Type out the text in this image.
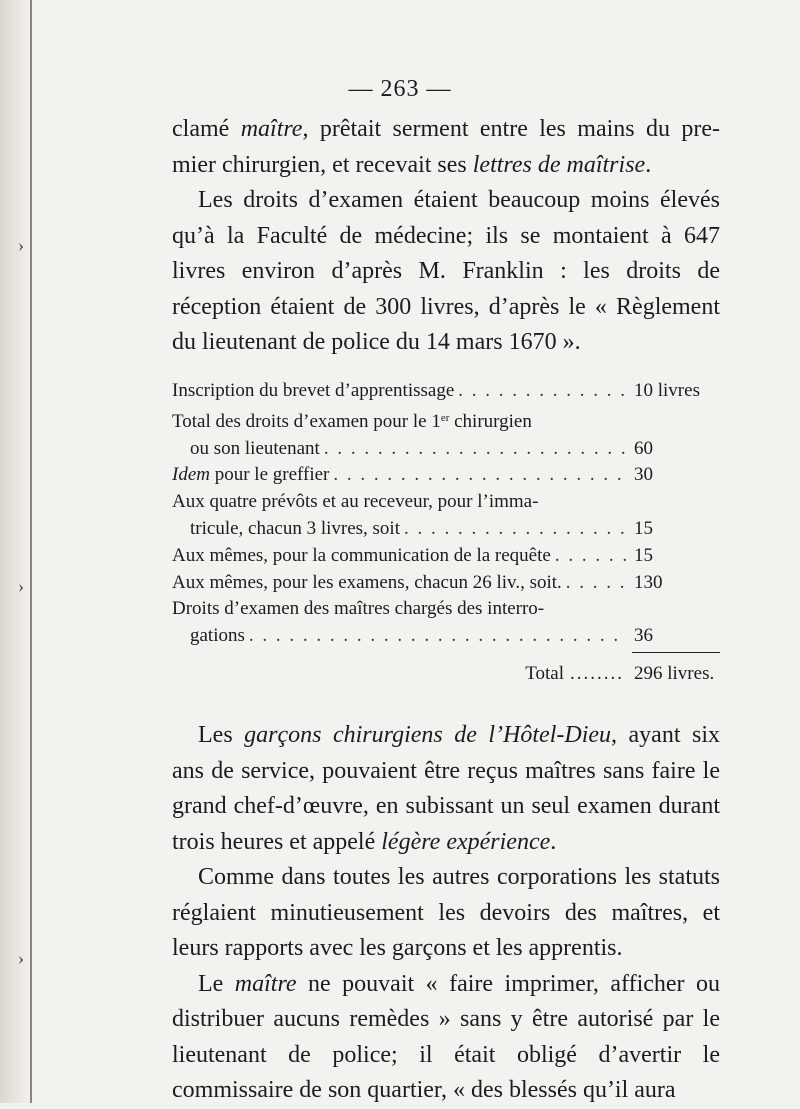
›
›
›
— 263 —

clamé maître, prêtait serment entre les mains du pre- mier chirurgien, et recevait ses lettres de maîtrise.

Les droits d’examen étaient beaucoup moins élevés qu’à la Faculté de médecine; ils se montaient à 647 livres environ d’après M. Franklin : les droits de réception étaient de 300 livres, d’après le « Règlement du lieutenant de police du 14 mars 1670 ».

Inscription du brevet d’apprentissage . . .	10 livres
Total des droits d’examen pour le 1er chirurgien
ou son lieutenant . . .	60
Idem pour le greffier . . .	30
Aux quatre prévôts et au receveur, pour l’imma-
tricule, chacun 3 livres, soit . . .	15
Aux mêmes, pour la communication de la requête . . .	15
Aux mêmes, pour les examens, chacun 26 liv., soit. . . .	130
Droits d’examen des maîtres chargés des interro-
gations . . .	36
Total ........ 296 livres.

Les garçons chirurgiens de l’Hôtel-Dieu, ayant six ans de service, pouvaient être reçus maîtres sans faire le grand chef-d’œuvre, en subissant un seul examen durant trois heures et appelé légère expérience.

Comme dans toutes les autres corporations les statuts réglaient minutieusement les devoirs des maîtres, et leurs rapports avec les garçons et les apprentis.

Le maître ne pouvait « faire imprimer, afficher ou distribuer aucuns remèdes » sans y être autorisé par le lieutenant de police; il était obligé d’avertir le commissaire de son quartier, « des blessés qu’il aura
